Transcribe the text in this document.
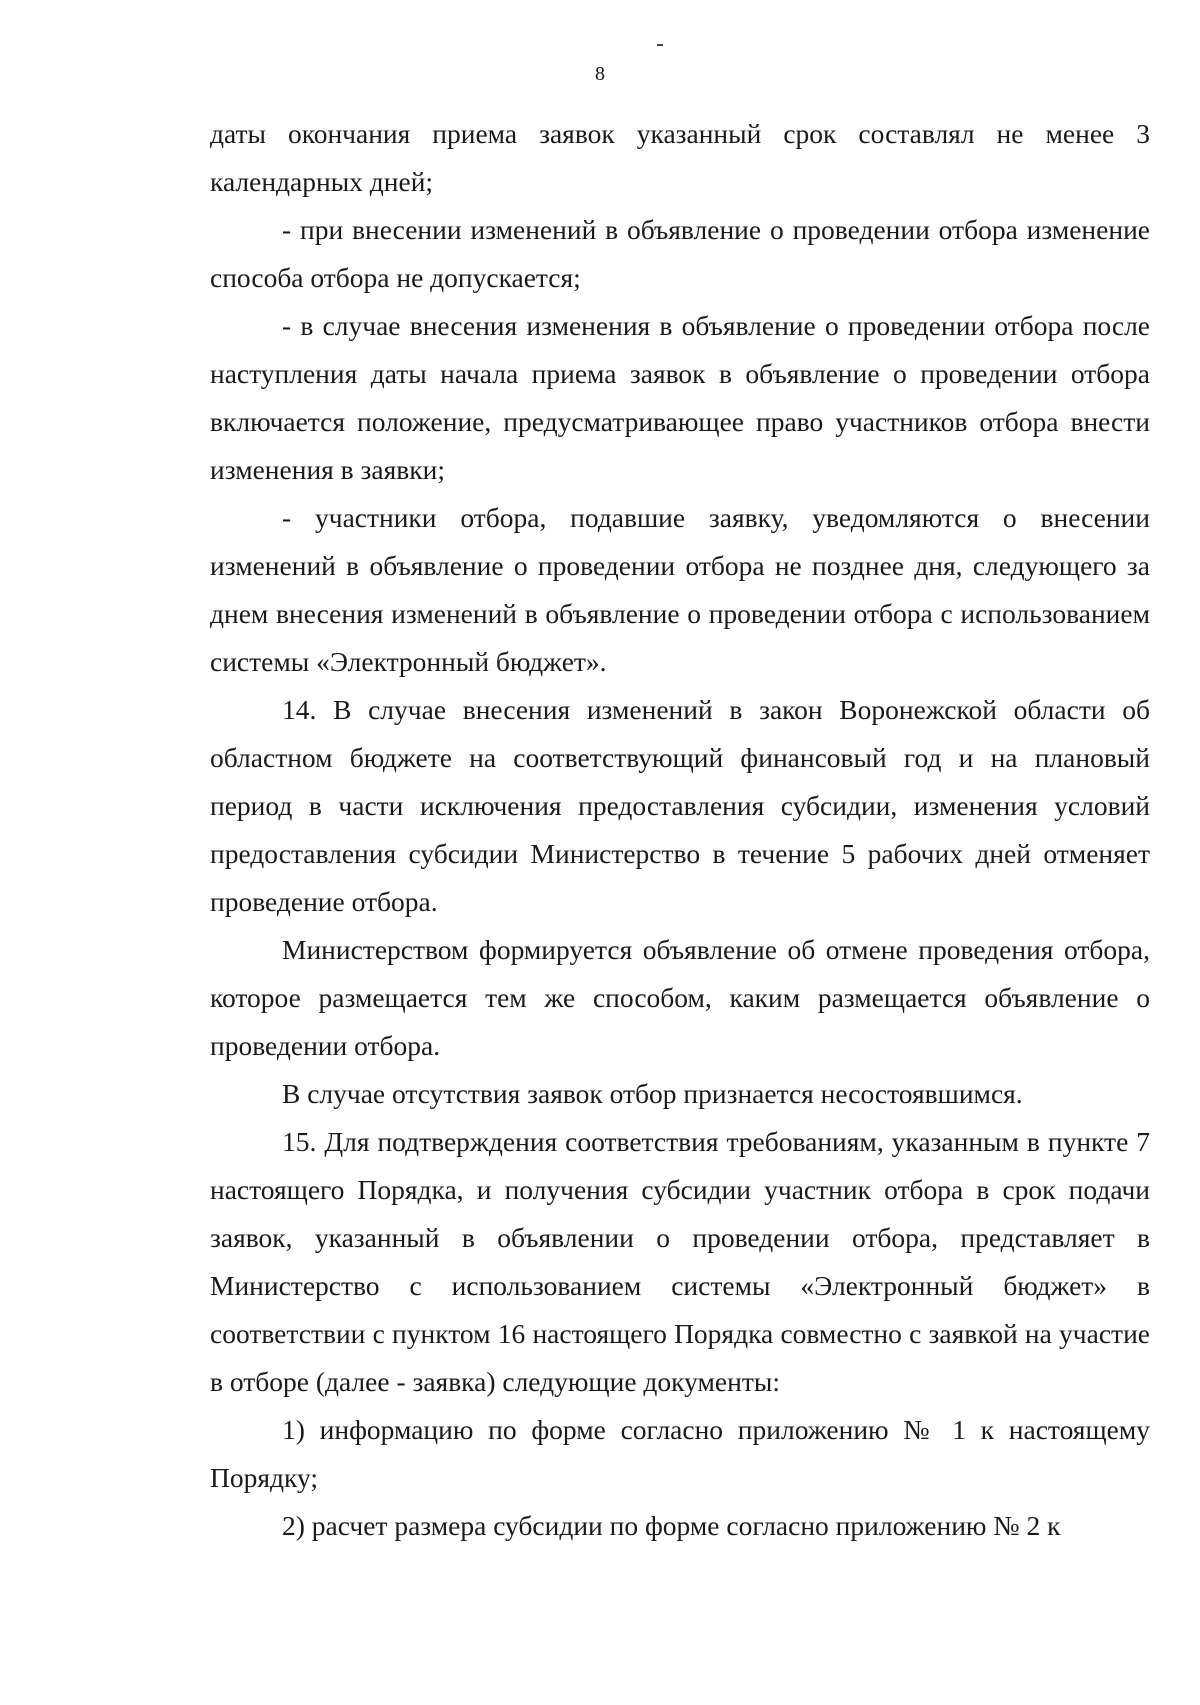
8

даты окончания приема заявок указанный срок составлял не менее 3 календарных дней;

- при внесении изменений в объявление о проведении отбора изменение способа отбора не допускается;

- в случае внесения изменения в объявление о проведении отбора после наступления даты начала приема заявок в объявление о проведении отбора включается положение, предусматривающее право участников отбора внести изменения в заявки;

- участники отбора, подавшие заявку, уведомляются о внесении изменений в объявление о проведении отбора не позднее дня, следующего за днем внесения изменений в объявление о проведении отбора с использованием системы «Электронный бюджет».

14. В случае внесения изменений в закон Воронежской области об областном бюджете на соответствующий финансовый год и на плановый период в части исключения предоставления субсидии, изменения условий предоставления субсидии Министерство в течение 5 рабочих дней отменяет проведение отбора.

Министерством формируется объявление об отмене проведения отбора, которое размещается тем же способом, каким размещается объявление о проведении отбора.

В случае отсутствия заявок отбор признается несостоявшимся.

15. Для подтверждения соответствия требованиям, указанным в пункте 7 настоящего Порядка, и получения субсидии участник отбора в срок подачи заявок, указанный в объявлении о проведении отбора, представляет в Министерство с использованием системы «Электронный бюджет» в соответствии с пунктом 16 настоящего Порядка совместно с заявкой на участие в отборе (далее - заявка) следующие документы:

1) информацию по форме согласно приложению № 1 к настоящему Порядку;

2) расчет размера субсидии по форме согласно приложению № 2 к
